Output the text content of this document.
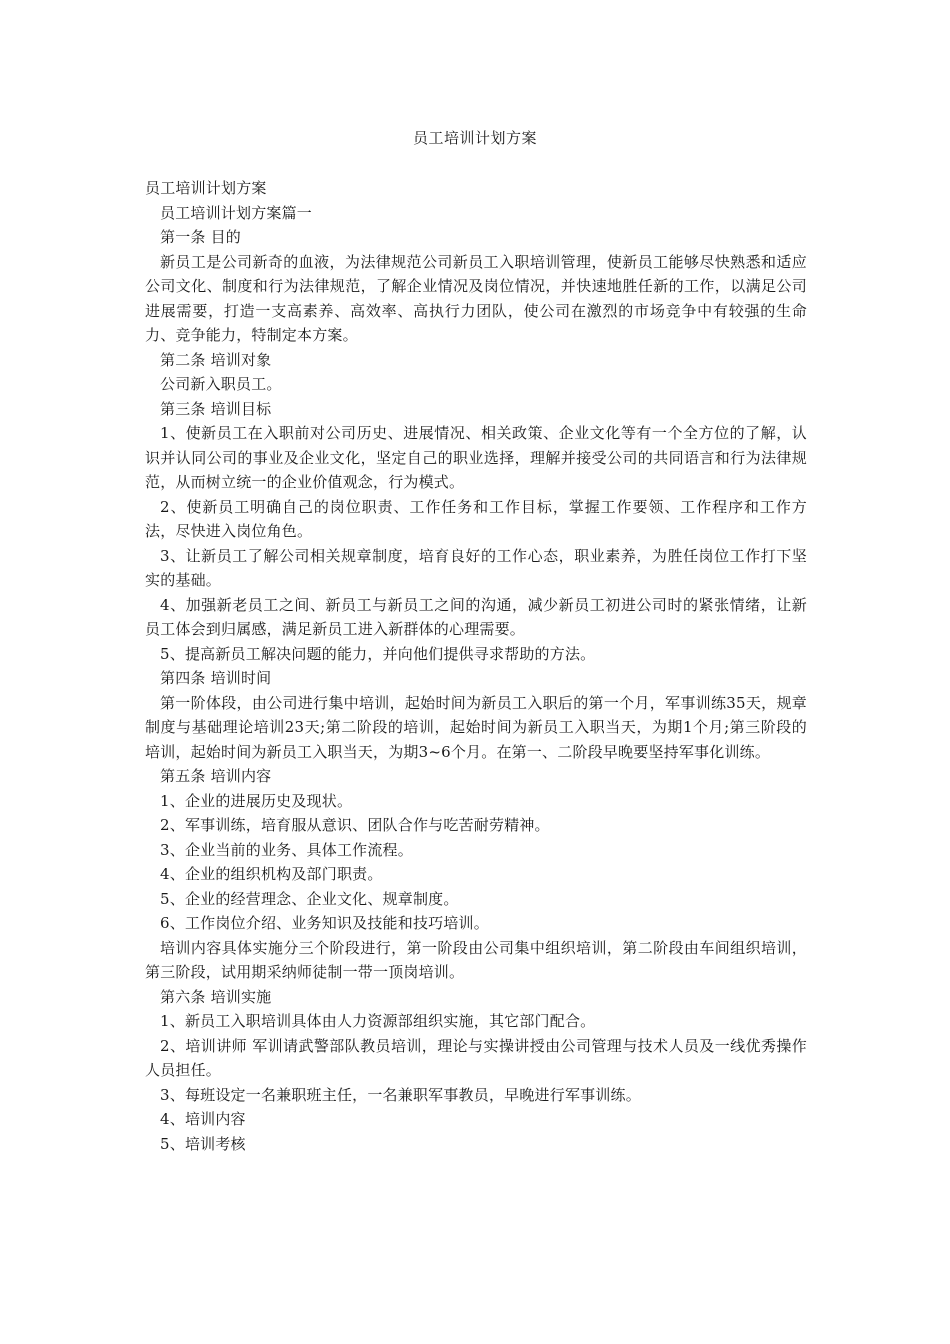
员工培训计划方案

员工培训计划方案

员工培训计划方案篇一

第一条 目的

新员工是公司新奇的血液，为法律规范公司新员工入职培训管理，使新员工能够尽快熟悉和适应公司文化、制度和行为法律规范，了解企业情况及岗位情况，并快速地胜任新的工作，以满足公司进展需要，打造一支高素养、高效率、高执行力团队，使公司在激烈的市场竞争中有较强的生命力、竞争能力，特制定本方案。

第二条 培训对象

公司新入职员工。

第三条 培训目标

1、使新员工在入职前对公司历史、进展情况、相关政策、企业文化等有一个全方位的了解，认识并认同公司的事业及企业文化，坚定自己的职业选择，理解并接受公司的共同语言和行为法律规范，从而树立统一的企业价值观念，行为模式。

2、使新员工明确自己的岗位职责、工作任务和工作目标，掌握工作要领、工作程序和工作方法，尽快进入岗位角色。

3、让新员工了解公司相关规章制度，培育良好的工作心态，职业素养，为胜任岗位工作打下坚实的基础。

4、加强新老员工之间、新员工与新员工之间的沟通，减少新员工初进公司时的紧张情绪，让新员工体会到归属感，满足新员工进入新群体的心理需要。

5、提高新员工解决问题的能力，并向他们提供寻求帮助的方法。

第四条 培训时间

第一阶体段，由公司进行集中培训，起始时间为新员工入职后的第一个月，军事训练35天，规章制度与基础理论培训23天;第二阶段的培训，起始时间为新员工入职当天，为期1个月;第三阶段的培训，起始时间为新员工入职当天，为期3~6个月。在第一、二阶段早晚要坚持军事化训练。

第五条 培训内容

1、企业的进展历史及现状。

2、军事训练，培育服从意识、团队合作与吃苦耐劳精神。

3、企业当前的业务、具体工作流程。

4、企业的组织机构及部门职责。

5、企业的经营理念、企业文化、规章制度。

6、工作岗位介绍、业务知识及技能和技巧培训。

培训内容具体实施分三个阶段进行，第一阶段由公司集中组织培训，第二阶段由车间组织培训，第三阶段，试用期采纳师徒制一带一顶岗培训。

第六条 培训实施

1、新员工入职培训具体由人力资源部组织实施，其它部门配合。

2、培训讲师 军训请武警部队教员培训，理论与实操讲授由公司管理与技术人员及一线优秀操作人员担任。

3、每班设定一名兼职班主任，一名兼职军事教员，早晚进行军事训练。

4、培训内容

5、培训考核
